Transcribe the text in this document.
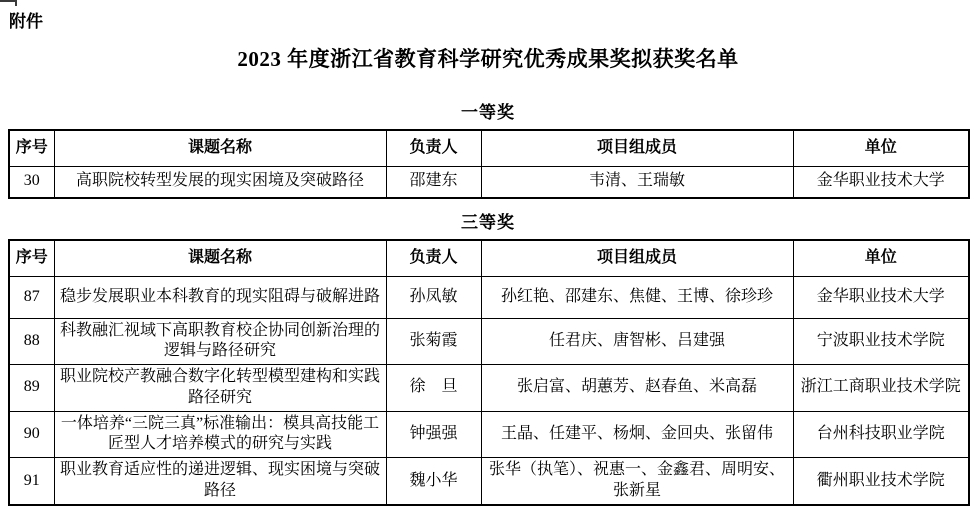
附件
2023 年度浙江省教育科学研究优秀成果奖拟获奖名单
一等奖
序号	课题名称	负责人	项目组成员	单位
30	高职院校转型发展的现实困境及突破路径	邵建东	韦清、王瑞敏	金华职业技术大学
三等奖
序号	课题名称	负责人	项目组成员	单位
87	稳步发展职业本科教育的现实阻碍与破解进路	孙凤敏	孙红艳、邵建东、焦健、王博、徐珍珍	金华职业技术大学
88	科教融汇视域下高职教育校企协同创新治理的逻辑与路径研究	张菊霞	任君庆、唐智彬、吕建强	宁波职业技术学院
89	职业院校产教融合数字化转型模型建构和实践路径研究	徐　旦	张启富、胡蕙芳、赵春鱼、米高磊	浙江工商职业技术学院
90	一体培养“三院三真”标准输出：模具高技能工匠型人才培养模式的研究与实践	钟强强	王晶、任建平、杨炯、金回央、张留伟	台州科技职业学院
91	职业教育适应性的递进逻辑、现实困境与突破路径	魏小华	张华（执笔）、祝惠一、金鑫君、周明安、张新星	衢州职业技术学院
